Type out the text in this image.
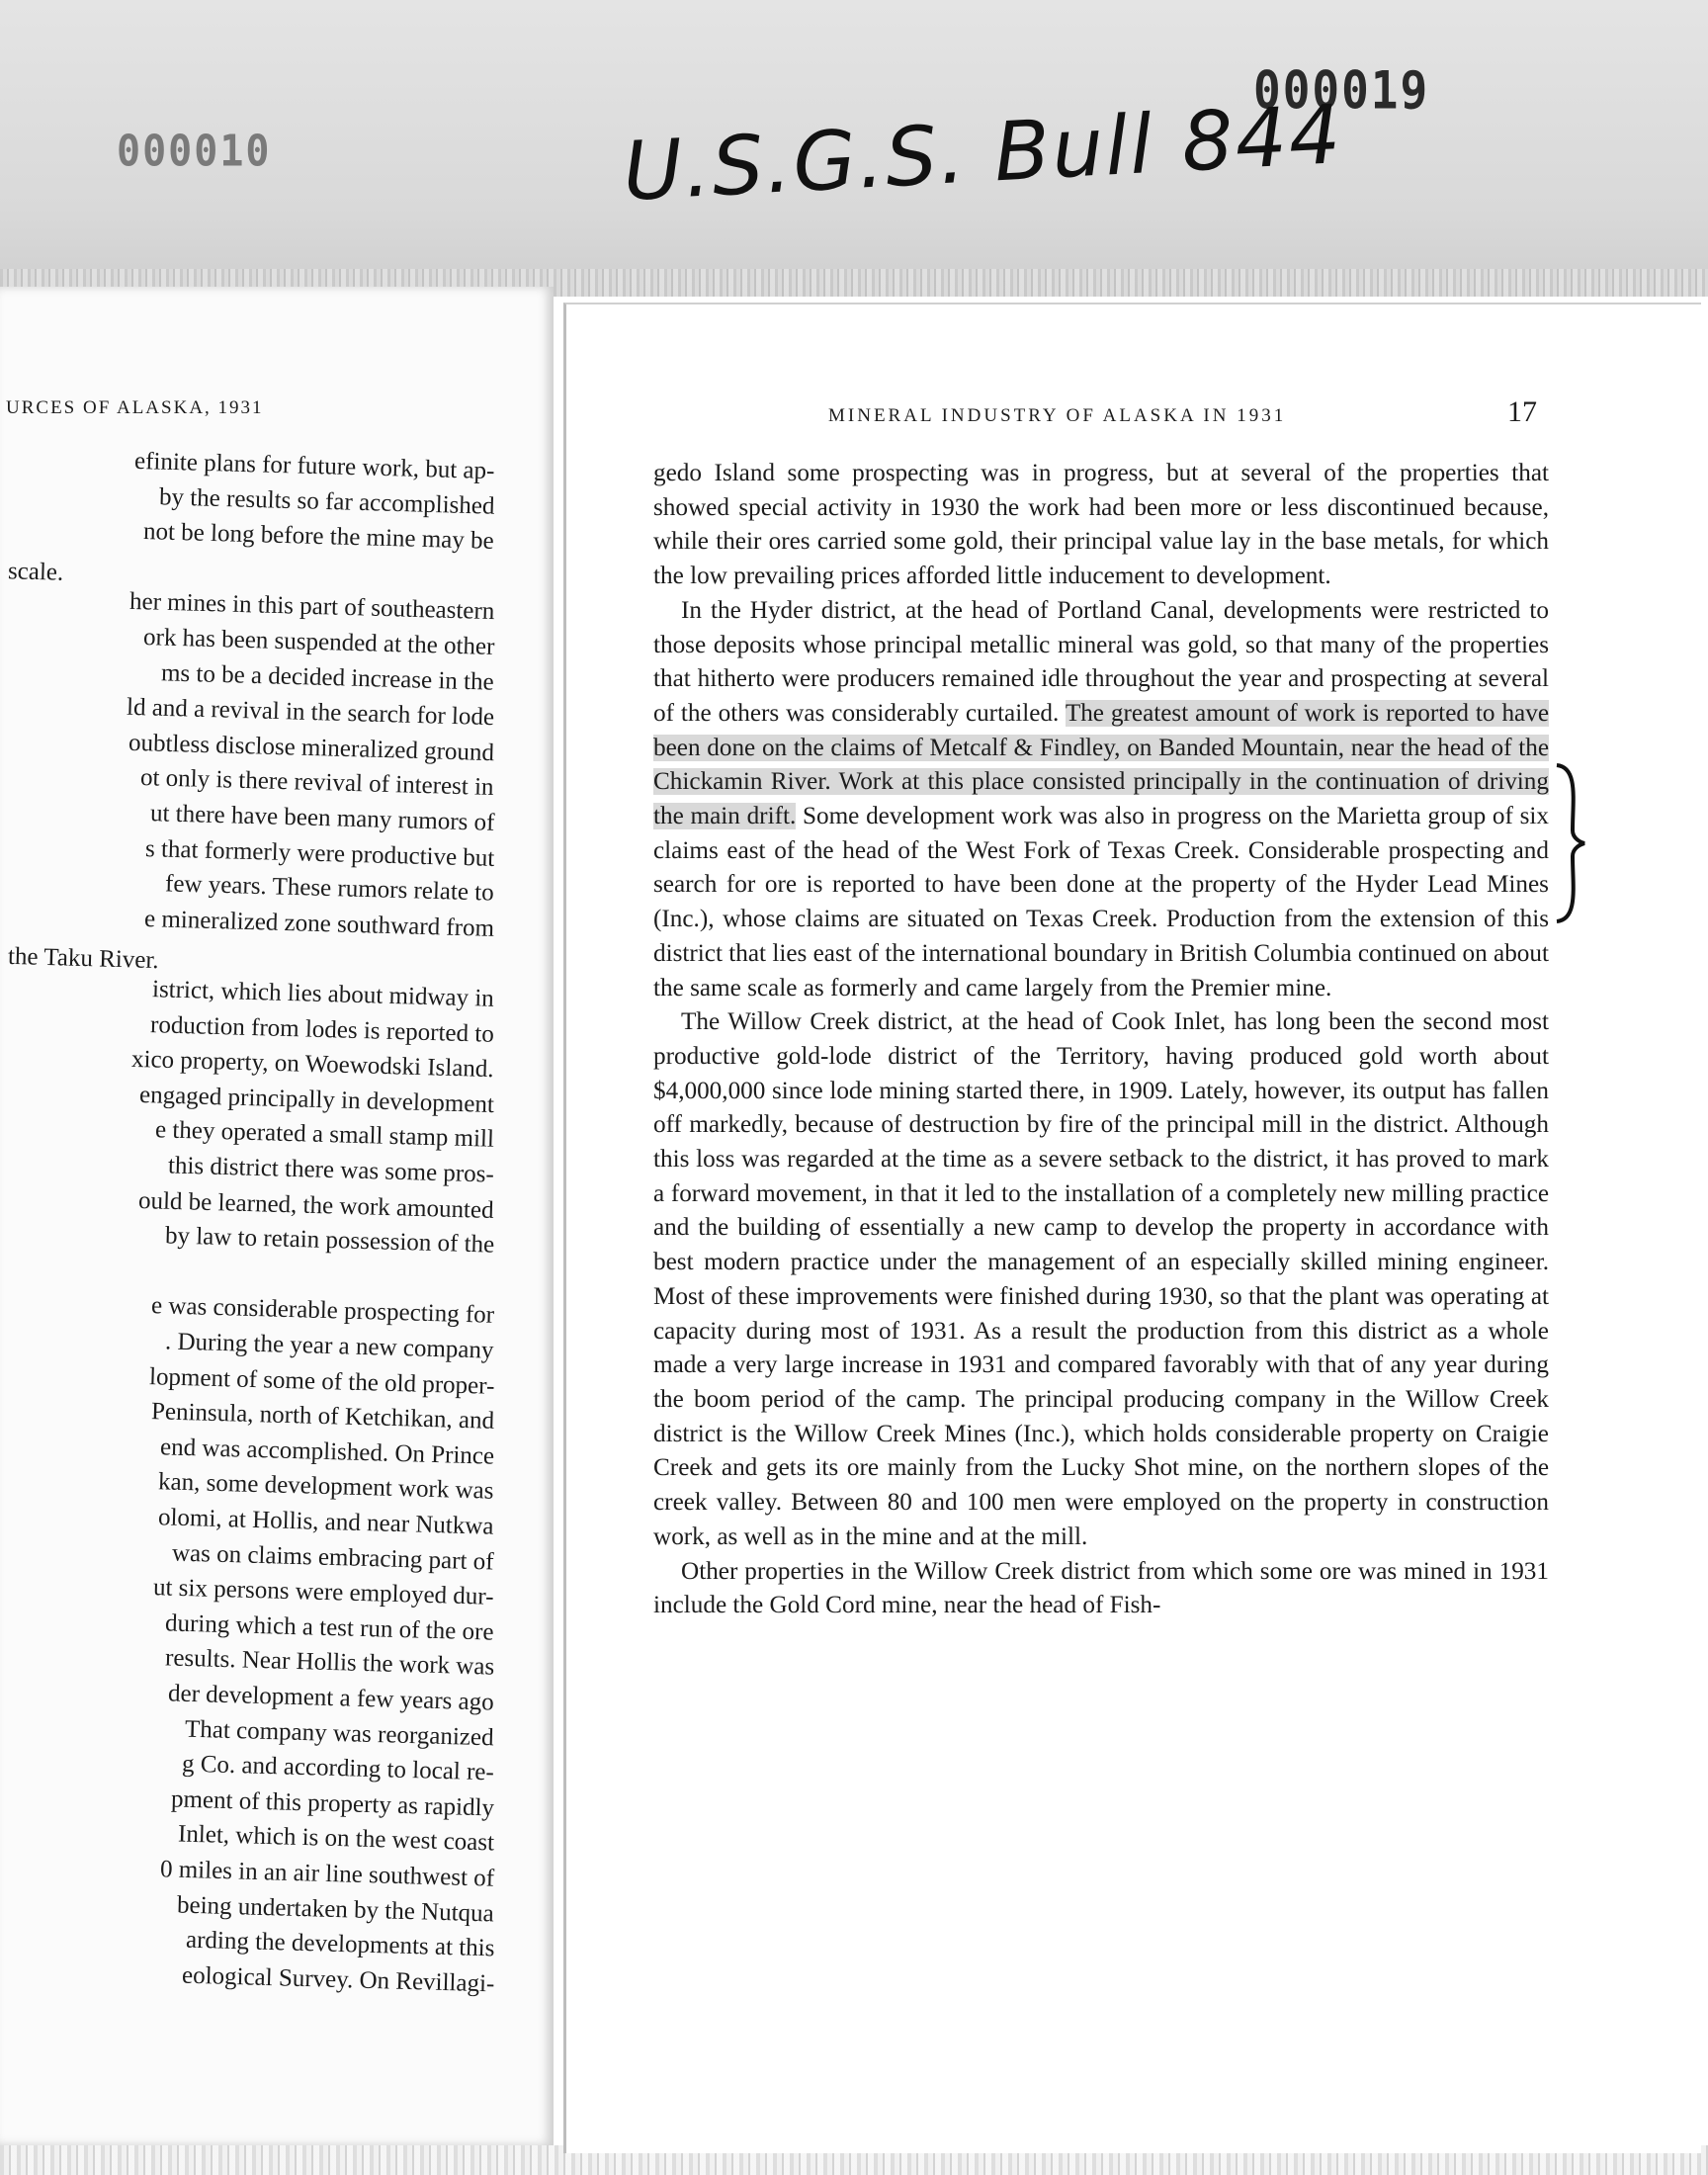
000019
000010	U.S.G.S. Bull 844
URCES OF ALASKA, 1931
efinite plans for future work, but ap-
by the results so far accomplished
not be long before the mine may be
scale.
her mines in this part of southeastern
ork has been suspended at the other
ms to be a decided increase in the
ld and a revival in the search for lode
oubtless disclose mineralized ground
ot only is there revival of interest in
ut there have been many rumors of
s that formerly were productive but
few years. These rumors relate to
e mineralized zone southward from
the Taku River.
istrict, which lies about midway in
roduction from lodes is reported to
xico property, on Woewodski Island.
engaged principally in development
e they operated a small stamp mill
this district there was some pros-
ould be learned, the work amounted
by law to retain possession of the
e was considerable prospecting for
. During the year a new company
lopment of some of the old proper-
Peninsula, north of Ketchikan, and
end was accomplished. On Prince
kan, some development work was
olomi, at Hollis, and near Nutkwa
was on claims embracing part of
ut six persons were employed dur-
during which a test run of the ore
results. Near Hollis the work was
der development a few years ago
That company was reorganized
g Co. and according to local re-
pment of this property as rapidly
Inlet, which is on the west coast
0 miles in an air line southwest of
being undertaken by the Nutqua
arding the developments at this
eological Survey. On Revillagi-
MINERAL INDUSTRY OF ALASKA IN 1931	17

gedo Island some prospecting was in progress, but at several of the properties that showed special activity in 1930 the work had been more or less discontinued because, while their ores carried some gold, their principal value lay in the base metals, for which the low prevailing prices afforded little inducement to development.

In the Hyder district, at the head of Portland Canal, developments were restricted to those deposits whose principal metallic mineral was gold, so that many of the properties that hitherto were producers remained idle throughout the year and prospecting at several of the others was considerably curtailed. The greatest amount of work is reported to have been done on the claims of Metcalf & Findley, on Banded Mountain, near the head of the Chickamin River. Work at this place consisted principally in the continuation of driving the main drift. Some development work was also in progress on the Marietta group of six claims east of the head of the West Fork of Texas Creek. Considerable prospecting and search for ore is reported to have been done at the property of the Hyder Lead Mines (Inc.), whose claims are situated on Texas Creek. Production from the extension of this district that lies east of the international boundary in British Columbia continued on about the same scale as formerly and came largely from the Premier mine.

The Willow Creek district, at the head of Cook Inlet, has long been the second most productive gold-lode district of the Territory, having produced gold worth about $4,000,000 since lode mining started there, in 1909. Lately, however, its output has fallen off markedly, because of destruction by fire of the principal mill in the district. Although this loss was regarded at the time as a severe setback to the district, it has proved to mark a forward movement, in that it led to the installation of a completely new milling practice and the building of essentially a new camp to develop the property in accordance with best modern practice under the management of an especially skilled mining engineer. Most of these improvements were finished during 1930, so that the plant was operating at capacity during most of 1931. As a result the production from this district as a whole made a very large increase in 1931 and compared favorably with that of any year during the boom period of the camp. The principal producing company in the Willow Creek district is the Willow Creek Mines (Inc.), which holds considerable property on Craigie Creek and gets its ore mainly from the Lucky Shot mine, on the northern slopes of the creek valley. Between 80 and 100 men were employed on the property in construction work, as well as in the mine and at the mill.

Other properties in the Willow Creek district from which some ore was mined in 1931 include the Gold Cord mine, near the head of Fish-
